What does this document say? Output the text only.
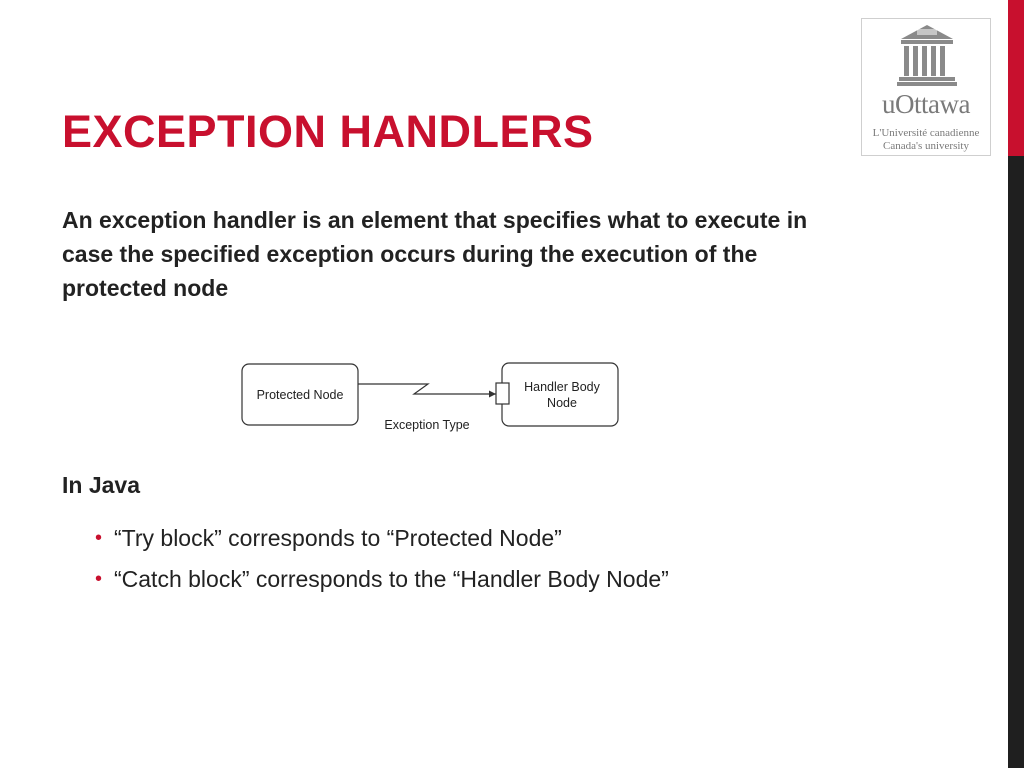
uOttawa
L'Université canadienne
Canada's university
EXCEPTION HANDLERS

An exception handler is an element that specifies what to execute in case the specified exception occurs during the execution of the protected node

Protected Node
Handler Body
Node
Exception Type
In Java
• “Try block” corresponds to “Protected Node”
• “Catch block” corresponds to the “Handler Body Node”
